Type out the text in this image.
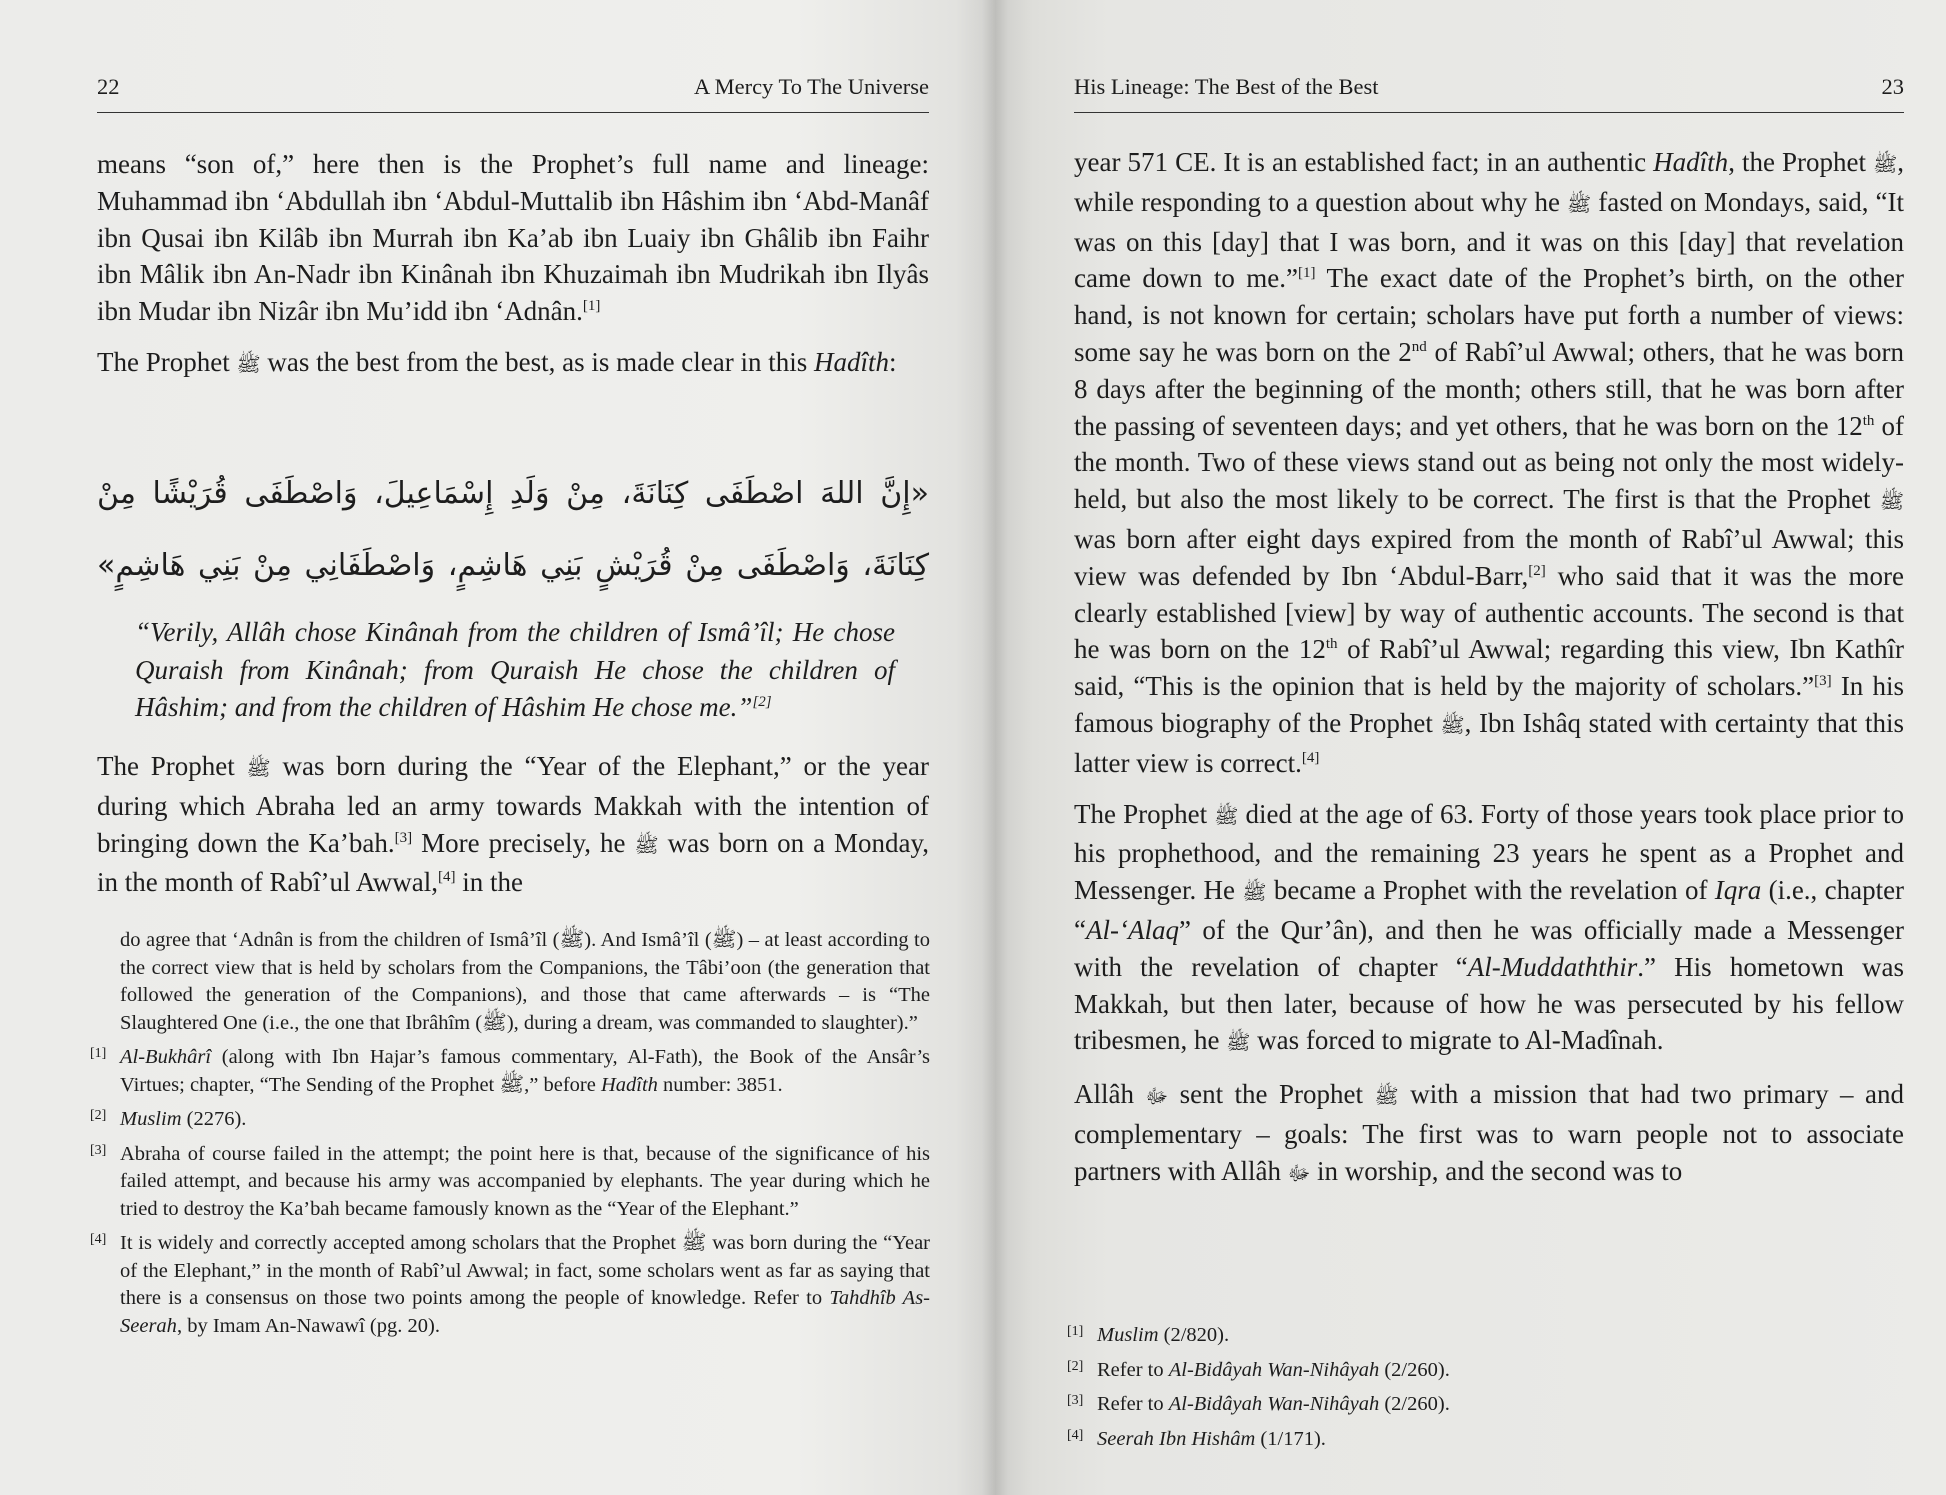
22	A Mercy To The Universe

means “son of,” here then is the Prophet’s full name and lineage: Muhammad ibn ‘Abdullah ibn ‘Abdul-Muttalib ibn Hâshim ibn ‘Abd-Manâf ibn Qusai ibn Kilâb ibn Murrah ibn Ka’ab ibn Luaiy ibn Ghâlib ibn Faihr ibn Mâlik ibn An-Nadr ibn Kinânah ibn Khuzaimah ibn Mudrikah ibn Ilyâs ibn Mudar ibn Nizâr ibn Mu’idd ibn ‘Adnân.[1]

The Prophet ﷺ was the best from the best, as is made clear in this Hadîth:

«إِنَّ اللهَ اصْطَفَى كِنَانَةَ، مِنْ وَلَدِ إِسْمَاعِيلَ، وَاصْطَفَى قُرَيْشًا مِنْ
كِنَانَةَ، وَاصْطَفَى مِنْ قُرَيْشٍ بَنِي هَاشِمٍ، وَاصْطَفَانِي مِنْ بَنِي هَاشِمٍ»
“Verily, Allâh chose Kinânah from the children of Ismâ’îl; He chose Quraish from Kinânah; from Quraish He chose the children of Hâshim; and from the children of Hâshim He chose me.”[2]

The Prophet ﷺ was born during the “Year of the Elephant,” or the year during which Abraha led an army towards Makkah with the intention of bringing down the Ka’bah.[3] More precisely, he ﷺ was born on a Monday, in the month of Rabî’ul Awwal,[4] in the

do agree that ‘Adnân is from the children of Ismâ’îl (ﷺ). And Ismâ’îl (ﷺ) – at least according to the correct view that is held by scholars from the Companions, the Tâbi’oon (the generation that followed the generation of the Companions), and those that came afterwards – is “The Slaughtered One (i.e., the one that Ibrâhîm (ﷺ), during a dream, was commanded to slaughter).”
[1] Al-Bukhârî (along with Ibn Hajar’s famous commentary, Al-Fath), the Book of the Ansâr’s Virtues; chapter, “The Sending of the Prophet ﷺ,” before Hadîth number: 3851.
[2] Muslim (2276).
[3] Abraha of course failed in the attempt; the point here is that, because of the significance of his failed attempt, and because his army was accompanied by elephants. The year during which he tried to destroy the Ka’bah became famously known as the “Year of the Elephant.”
[4] It is widely and correctly accepted among scholars that the Prophet ﷺ was born during the “Year of the Elephant,” in the month of Rabî’ul Awwal; in fact, some scholars went as far as saying that there is a consensus on those two points among the people of knowledge. Refer to Tahdhîb As-Seerah, by Imam An-Nawawî (pg. 20).
His Lineage: The Best of the Best	23

year 571 CE. It is an established fact; in an authentic Hadîth, the Prophet ﷺ, while responding to a question about why he ﷺ fasted on Mondays, said, “It was on this [day] that I was born, and it was on this [day] that revelation came down to me.”[1] The exact date of the Prophet’s birth, on the other hand, is not known for certain; scholars have put forth a number of views: some say he was born on the 2nd of Rabî’ul Awwal; others, that he was born 8 days after the beginning of the month; others still, that he was born after the passing of seventeen days; and yet others, that he was born on the 12th of the month. Two of these views stand out as being not only the most widely-held, but also the most likely to be correct. The first is that the Prophet ﷺ was born after eight days expired from the month of Rabî’ul Awwal; this view was defended by Ibn ‘Abdul-Barr,[2] who said that it was the more clearly established [view] by way of authentic accounts. The second is that he was born on the 12th of Rabî’ul Awwal; regarding this view, Ibn Kathîr said, “This is the opinion that is held by the majority of scholars.”[3] In his famous biography of the Prophet ﷺ, Ibn Ishâq stated with certainty that this latter view is correct.[4]

The Prophet ﷺ died at the age of 63. Forty of those years took place prior to his prophethood, and the remaining 23 years he spent as a Prophet and Messenger. He ﷺ became a Prophet with the revelation of Iqra (i.e., chapter “Al-‘Alaq” of the Qur’ân), and then he was officially made a Messenger with the revelation of chapter “Al-Muddaththir.” His hometown was Makkah, but then later, because of how he was persecuted by his fellow tribesmen, he ﷺ was forced to migrate to Al-Madînah.

Allâh ﷻ sent the Prophet ﷺ with a mission that had two primary – and complementary – goals: The first was to warn people not to associate partners with Allâh ﷻ in worship, and the second was to

[1] Muslim (2/820).
[2] Refer to Al-Bidâyah Wan-Nihâyah (2/260).
[3] Refer to Al-Bidâyah Wan-Nihâyah (2/260).
[4] Seerah Ibn Hishâm (1/171).
